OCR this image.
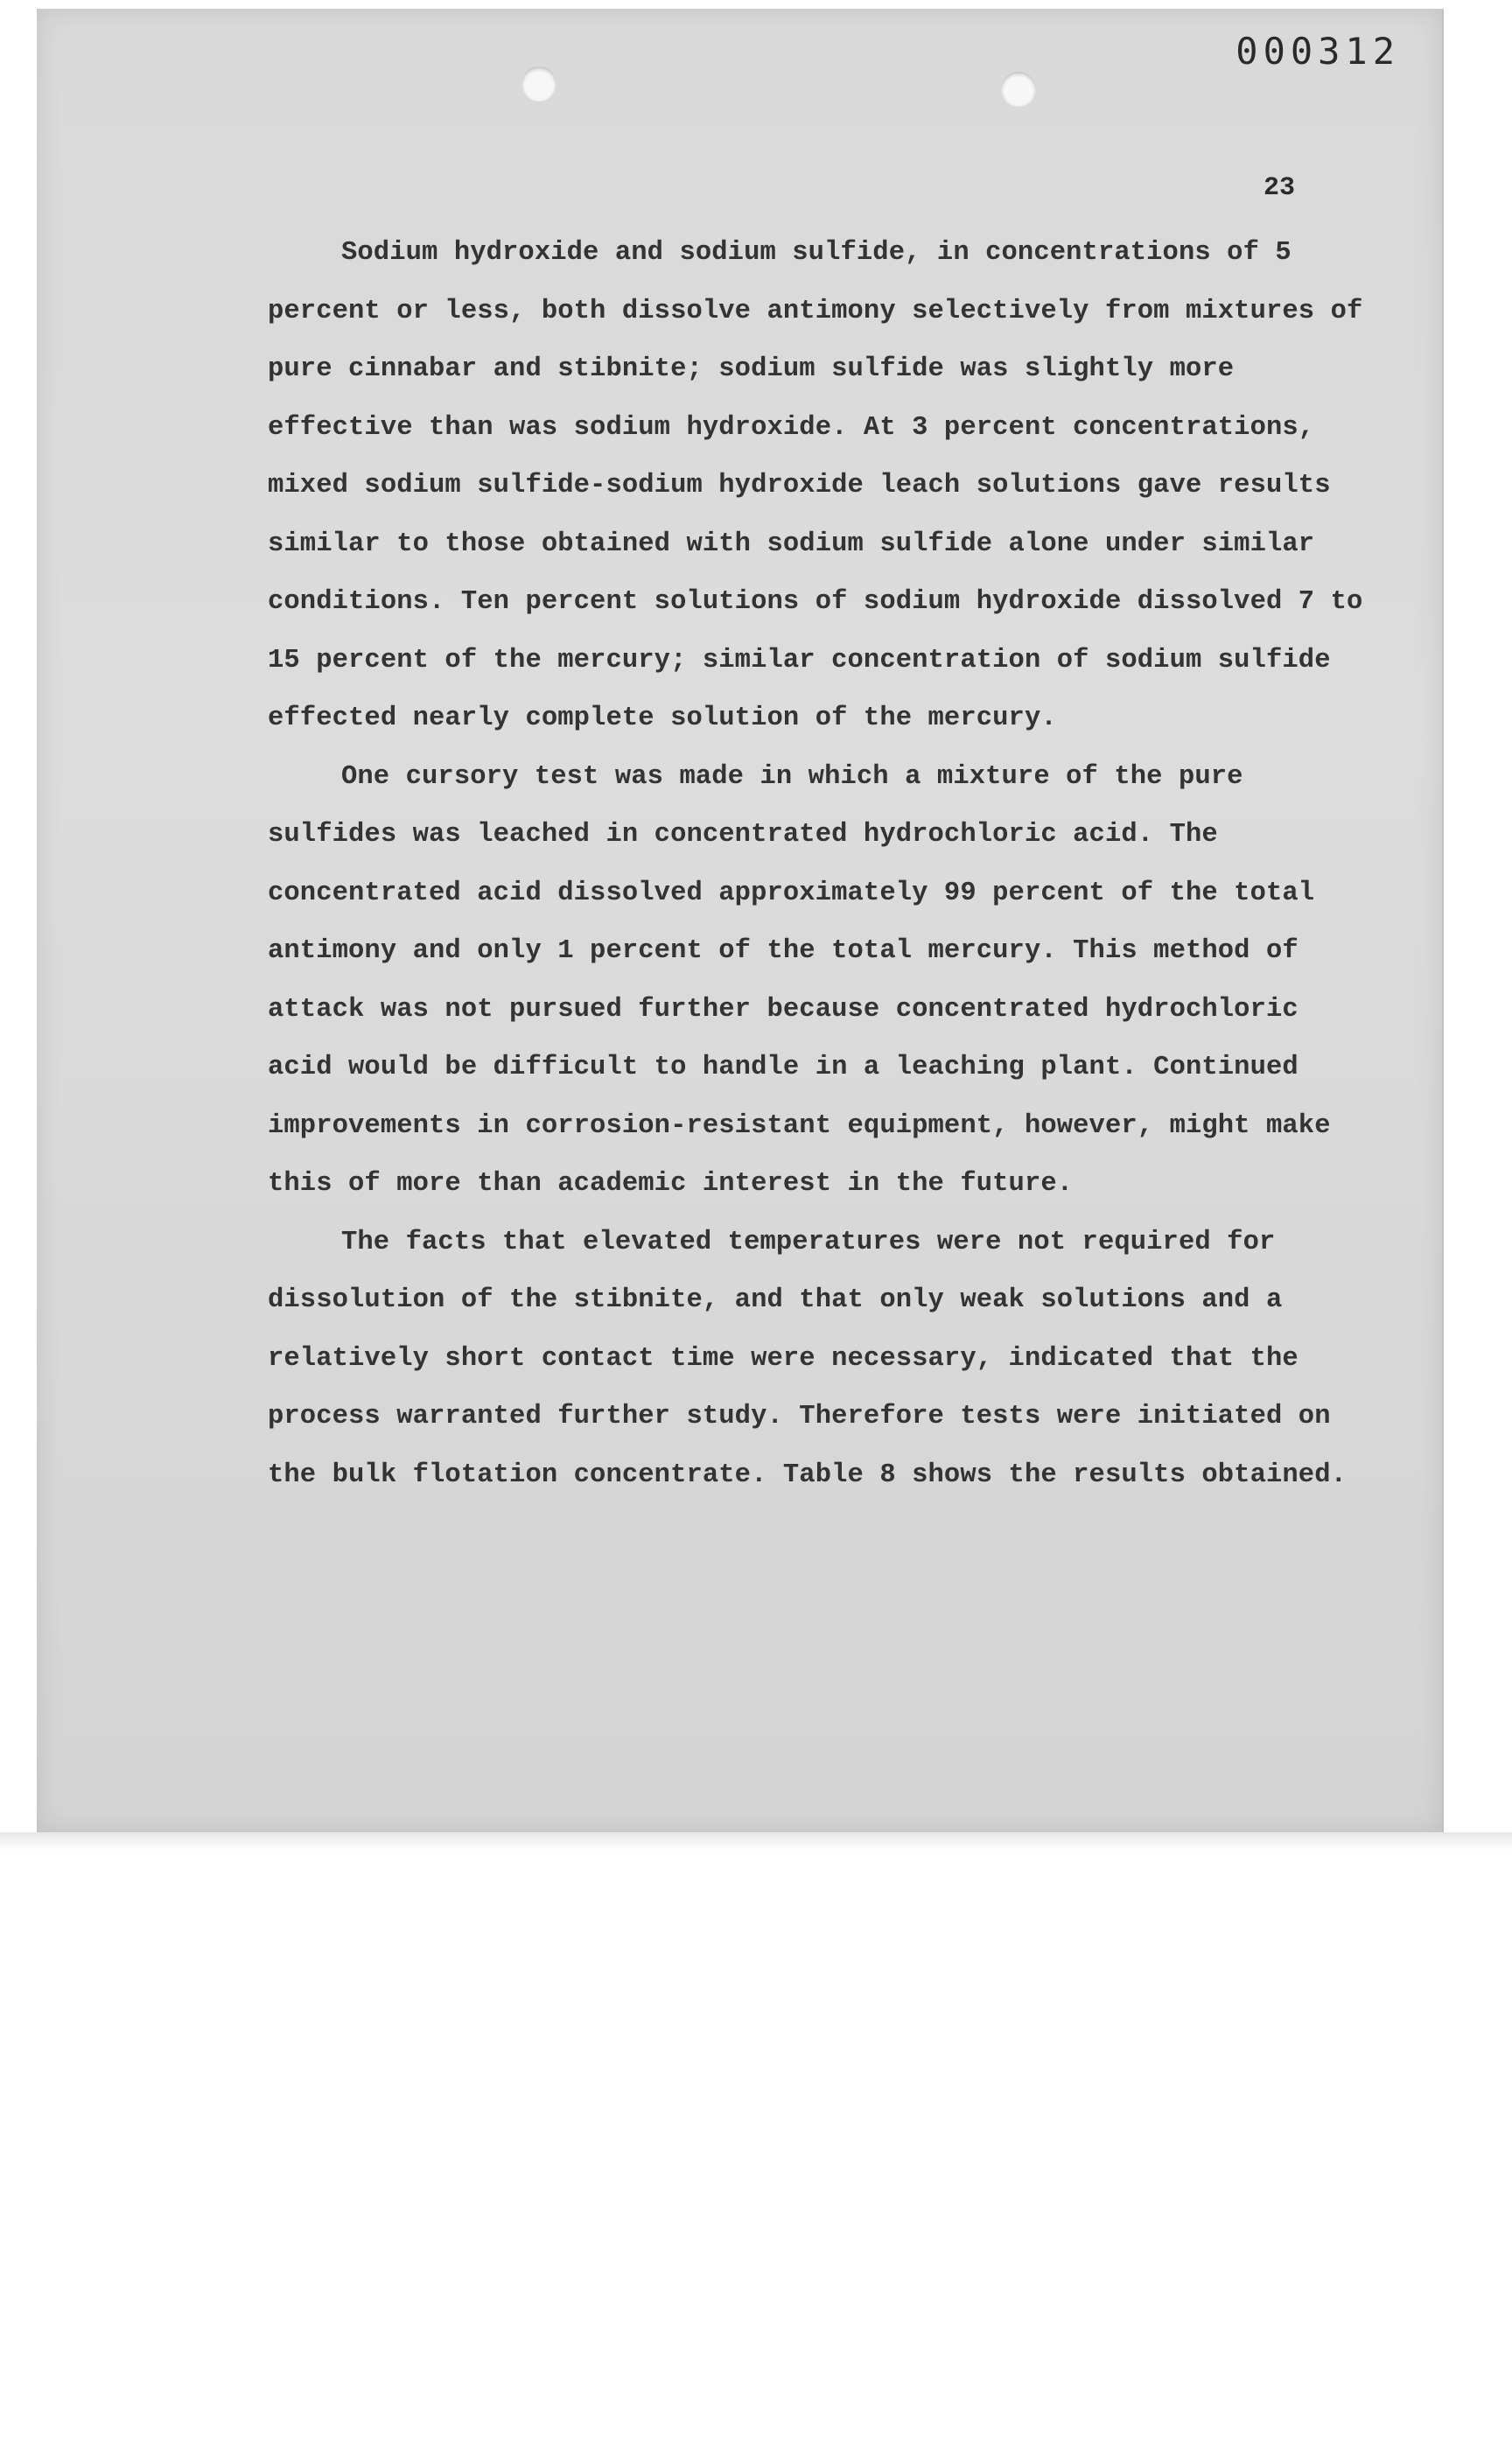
000312
23

Sodium hydroxide and sodium sulfide, in concentrations of 5 percent or less, both dissolve antimony selectively from mixtures of pure cinnabar and stibnite; sodium sulfide was slightly more effective than was sodium hydroxide. At 3 percent concentrations, mixed sodium sulfide-sodium hydroxide leach solutions gave results similar to those obtained with sodium sulfide alone under similar conditions. Ten percent solutions of sodium hydroxide dissolved 7 to 15 percent of the mercury; similar concentration of sodium sulfide effected nearly complete solution of the mercury.

One cursory test was made in which a mixture of the pure sulfides was leached in concentrated hydrochloric acid. The concentrated acid dissolved approximately 99 percent of the total antimony and only 1 percent of the total mercury. This method of attack was not pursued further because concentrated hydrochloric acid would be difficult to handle in a leaching plant. Continued improvements in corrosion-resistant equipment, however, might make this of more than academic interest in the future.

The facts that elevated temperatures were not required for dissolution of the stibnite, and that only weak solutions and a relatively short contact time were necessary, indicated that the process warranted further study. Therefore tests were initiated on the bulk flotation concentrate. Table 8 shows the results obtained.
